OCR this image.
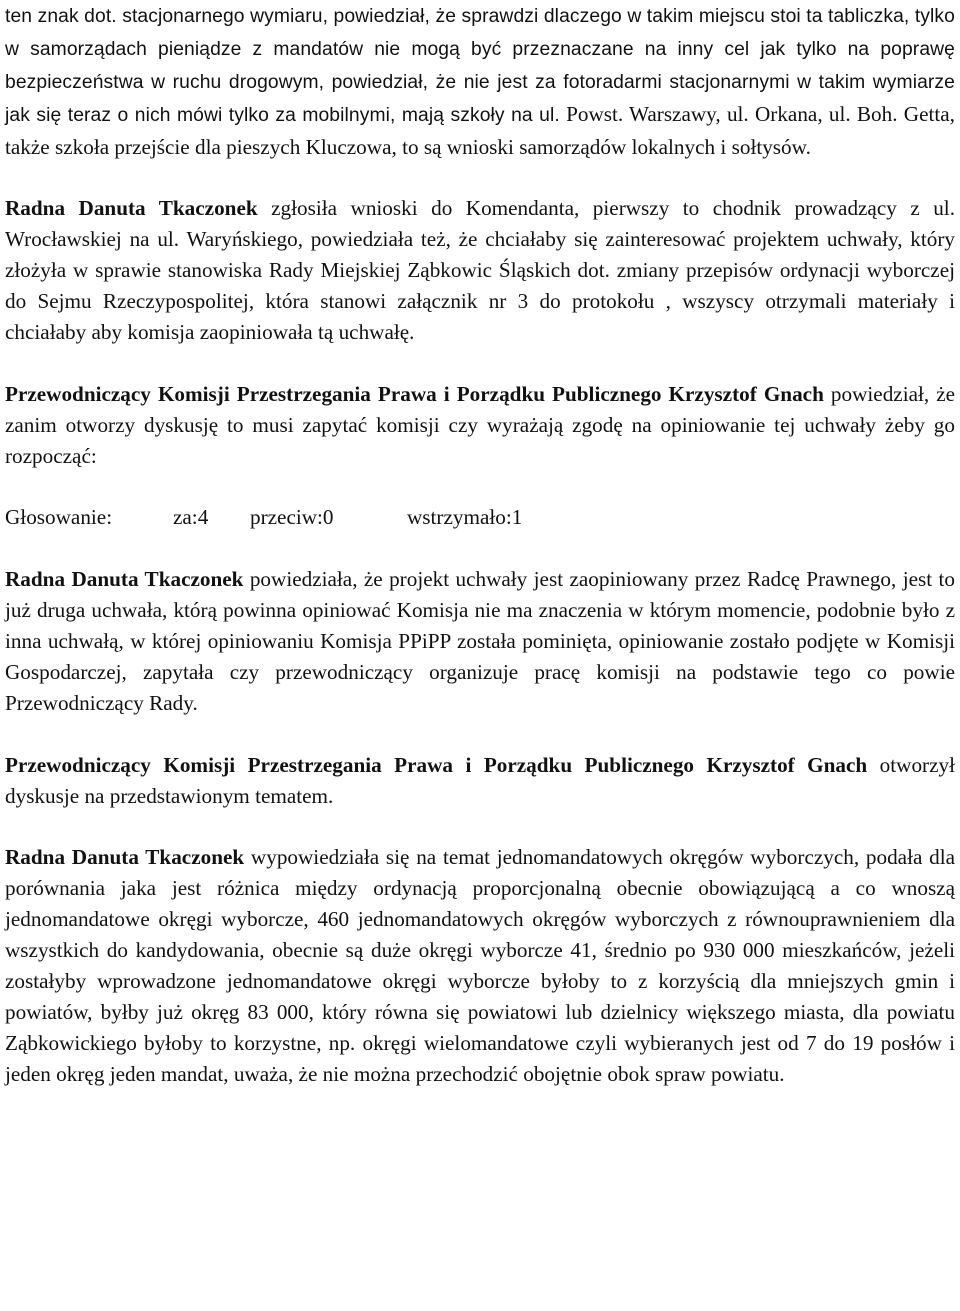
ten znak dot. stacjonarnego wymiaru, powiedział, że sprawdzi dlaczego w takim miejscu stoi ta tabliczka, tylko w samorządach pieniądze z mandatów nie mogą być przeznaczane na inny cel jak tylko na poprawę bezpieczeństwa w ruchu drogowym, powiedział, że nie jest za fotoradarmi stacjonarnymi w takim wymiarze jak się teraz o nich mówi tylko za mobilnymi, mają szkoły na ul. Powst. Warszawy, ul. Orkana, ul. Boh. Getta, także szkoła przejście dla pieszych Kluczowa, to są wnioski samorządów lokalnych i sołtysów.

Radna Danuta Tkaczonek zgłosiła wnioski do Komendanta, pierwszy to chodnik prowadzący z ul. Wrocławskiej na ul. Waryńskiego, powiedziała też, że chciałaby się zainteresować projektem uchwały, który złożyła w sprawie stanowiska Rady Miejskiej Ząbkowic Śląskich dot. zmiany przepisów ordynacji wyborczej do Sejmu Rzeczypospolitej, która stanowi załącznik nr 3 do protokołu , wszyscy otrzymali materiały i chciałaby aby komisja zaopiniowała tą uchwałę.

Przewodniczący Komisji Przestrzegania Prawa i Porządku Publicznego Krzysztof Gnach powiedział, że zanim otworzy dyskusję to musi zapytać komisji czy wyrażają zgodę na opiniowanie tej uchwały żeby go rozpocząć:

Głosowanie:	za:4 przeciw:0	wstrzymało:1

Radna Danuta Tkaczonek powiedziała, że projekt uchwały jest zaopiniowany przez Radcę Prawnego, jest to już druga uchwała, którą powinna opiniować Komisja nie ma znaczenia w którym momencie, podobnie było z inna uchwałą, w której opiniowaniu Komisja PPiPP została pominięta, opiniowanie zostało podjęte w Komisji Gospodarczej, zapytała czy przewodniczący organizuje pracę komisji na podstawie tego co powie Przewodniczący Rady.

Przewodniczący Komisji Przestrzegania Prawa i Porządku Publicznego Krzysztof Gnach otworzył dyskusje na przedstawionym tematem.

Radna Danuta Tkaczonek wypowiedziała się na temat jednomandatowych okręgów wyborczych, podała dla porównania jaka jest różnica między ordynacją proporcjonalną obecnie obowiązującą a co wnoszą jednomandatowe okręgi wyborcze, 460 jednomandatowych okręgów wyborczych z równouprawnieniem dla wszystkich do kandydowania, obecnie są duże okręgi wyborcze 41, średnio po 930 000 mieszkańców, jeżeli zostałyby wprowadzone jednomandatowe okręgi wyborcze byłoby to z korzyścią dla mniejszych gmin i powiatów, byłby już okręg 83 000, który równa się powiatowi lub dzielnicy większego miasta, dla powiatu Ząbkowickiego byłoby to korzystne, np. okręgi wielomandatowe czyli wybieranych jest od 7 do 19 posłów i jeden okręg jeden mandat, uważa, że nie można przechodzić obojętnie obok spraw powiatu.
